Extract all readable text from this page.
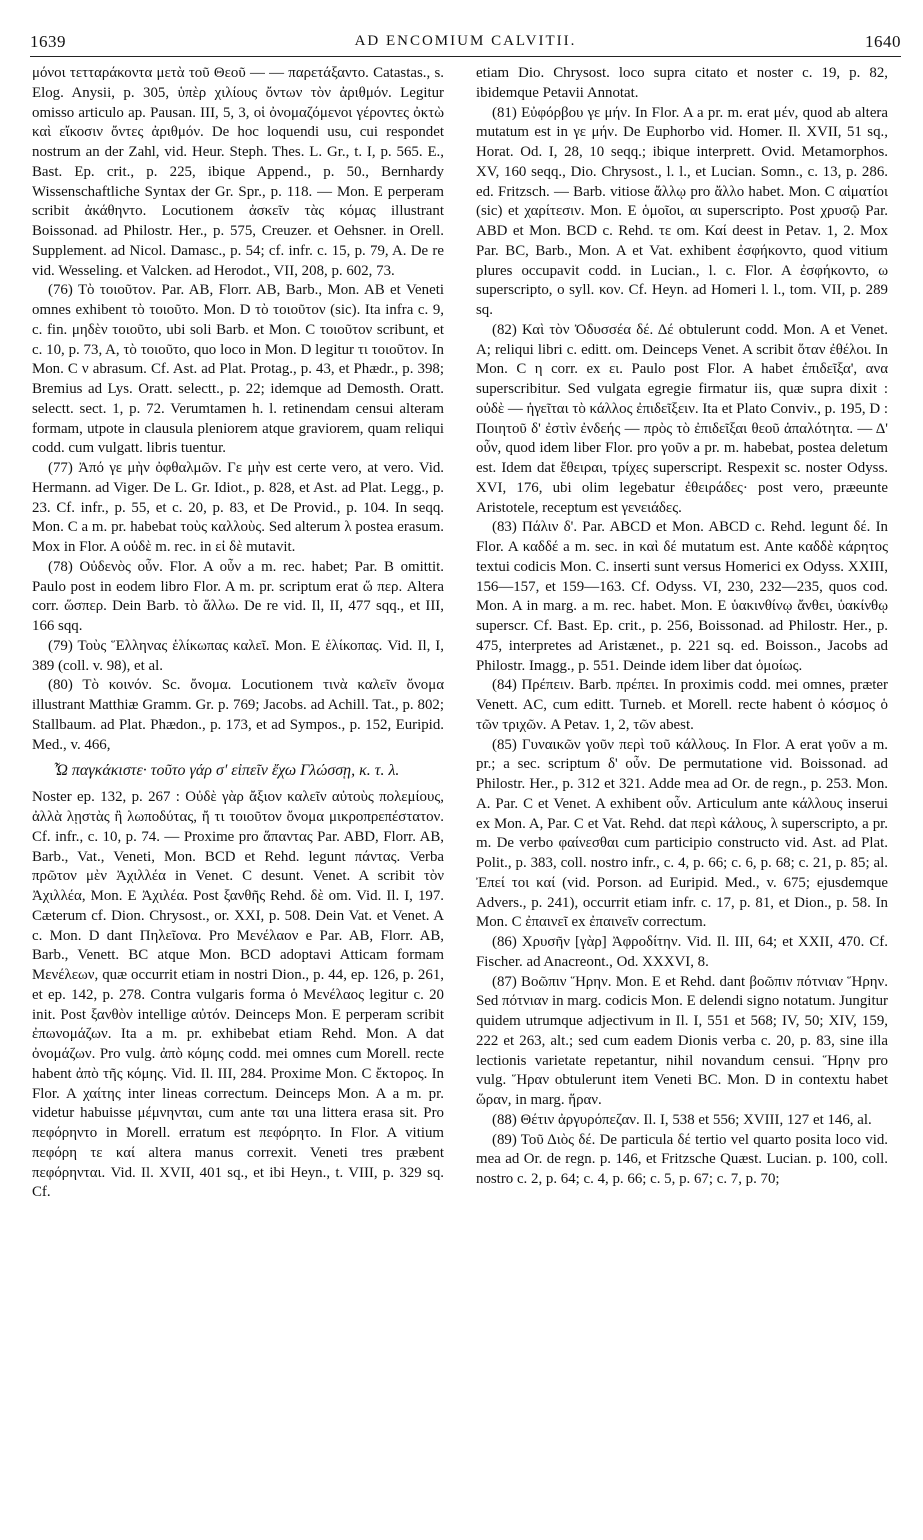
1639	AD ENCOMIUM CALVITII.	1640

μόνοι τετταράκοντα μετὰ τοῦ Θεοῦ — — παρετάξαντο. Catastas., s. Elog. Anysii, p. 305, ὑπὲρ χιλίους ὄντων τὸν ἀριθμόν. Legitur omisso articulo ap. Pausan. III, 5, 3, οἱ ὀνομαζόμενοι γέροντες ὀκτὼ καὶ εἴκοσιν ὄντες ἀριθμόν. De hoc loquendi usu, cui respondet nostrum an der Zahl, vid. Heur. Steph. Thes. L. Gr., t. I, p. 565. E., Bast. Ep. crit., p. 225, ibique Append., p. 50., Bernhardy Wissenschaftliche Syntax der Gr. Spr., p. 118. — Mon. E perperam scribit ἀκάθηντο. Locutionem ἀσκεῖν τὰς κόμας illustrant Boissonad. ad Philostr. Her., p. 575, Creuzer. et Oehsner. in Orell. Supplement. ad Nicol. Damasc., p. 54; cf. infr. c. 15, p. 79, A. De re vid. Wesseling. et Valcken. ad Herodot., VII, 208, p. 602, 73.

(76) Τὸ τοιοῦτον. Par. AB, Florr. AB, Barb., Mon. AB et Veneti omnes exhibent τὸ τοιοῦτο. Mon. D τὸ τοιοῦτον (sic). Ita infra c. 9, c. fin. μηδὲν τοιοῦτο, ubi soli Barb. et Mon. C τοιοῦτον scribunt, et c. 10, p. 73, A, τὸ τοιοῦτο, quo loco in Mon. D legitur τι τοιοῦτον. In Mon. C ν abrasum. Cf. Ast. ad Plat. Protag., p. 43, et Phædr., p. 398; Bremius ad Lys. Oratt. selectt., p. 22; idemque ad Demosth. Oratt. selectt. sect. 1, p. 72. Verumtamen h. l. retinendam censui alteram formam, utpote in clausula pleniorem atque graviorem, quam reliqui codd. cum vulgatt. libris tuentur.

(77) Ἀπό γε μὴν ὀφθαλμῶν. Γε μὴν est certe vero, at vero. Vid. Hermann. ad Viger. De L. Gr. Idiot., p. 828, et Ast. ad Plat. Legg., p. 23. Cf. infr., p. 55, et c. 20, p. 83, et De Provid., p. 104. In seqq. Mon. C a m. pr. habebat τοὺς καλλοὺς. Sed alterum λ postea erasum. Mox in Flor. A οὐδὲ m. rec. in εἰ δὲ mutavit.

(78) Οὐδενὸς οὖν. Flor. A οὖν a m. rec. habet; Par. B omittit. Paulo post in eodem libro Flor. A m. pr. scriptum erat ὥ περ. Altera corr. ὥσπερ. Dein Barb. τὸ ἄλλω. De re vid. Il, II, 477 sqq., et III, 166 sqq.

(79) Τοὺς Ἕλληνας ἑλίκωπας καλεῖ. Mon. E ἑλίκοπας. Vid. Il, I, 389 (coll. v. 98), et al.

(80) Τὸ κοινόν. Sc. ὄνομα. Locutionem τινὰ καλεῖν ὄνομα illustrant Matthiæ Gramm. Gr. p. 769; Jacobs. ad Achill. Tat., p. 802; Stallbaum. ad Plat. Phædon., p. 173, et ad Sympos., p. 152, Euripid. Med., v. 466,

Ὦ παγκάκιστε· τοῦτο γάρ σ' εἰπεῖν ἔχω Γλώσσῃ, κ. τ. λ.

Noster ep. 132, p. 267 : Οὐδὲ γὰρ ἄξιον καλεῖν αὐτοὺς πολεμίους, ἀλλὰ λῃστὰς ἢ λωποδύτας, ἤ τι τοιοῦτον ὄνομα μικροπρεπέστατον. Cf. infr., c. 10, p. 74. — Proxime pro ἅπαντας Par. ABD, Florr. AB, Barb., Vat., Veneti, Mon. BCD et Rehd. legunt πάντας. Verba πρῶτον μὲν Ἀχιλλέα in Venet. C desunt. Venet. A scribit τὸν Ἀχιλλέα, Mon. E Ἀχιλέα. Post ξανθῆς Rehd. δὲ om. Vid. Il. I, 197. Cæterum cf. Dion. Chrysost., or. XXI, p. 508. Dein Vat. et Venet. A c. Mon. D dant Πηλεῖονα. Pro Μενέλαον e Par. AB, Florr. AB, Barb., Venett. BC atque Mon. BCD adoptavi Atticam formam Μενέλεων, quæ occurrit etiam in nostri Dion., p. 44, ep. 126, p. 261, et ep. 142, p. 278. Contra vulgaris forma ὁ Μενέλαος legitur c. 20 init. Post ξανθὸν intellige αὐτόν. Deinceps Mon. E perperam scribit ἐπωνομάζων. Ita a m. pr. exhibebat etiam Rehd. Mon. A dat ὀνομάζων. Pro vulg. ἀπὸ κόμης codd. mei omnes cum Morell. recte habent ἀπὸ τῆς κόμης. Vid. Il. III, 284. Proxime Mon. C ἔκτορος. In Flor. A χαίτης inter lineas correctum. Deinceps Mon. A a m. pr. videtur habuisse μέμνηνται, cum ante ται una littera erasa sit. Pro πεφόρηντο in Morell. erratum est πεφόρητο. In Flor. A vitium πεφόρη τε καί altera manus correxit. Veneti tres præbent πεφόρηνται. Vid. Il. XVII, 401 sq., et ibi Heyn., t. VIII, p. 329 sq. Cf.

etiam Dio. Chrysost. loco supra citato et noster c. 19, p. 82, ibidemque Petavii Annotat.

(81) Εὐφόρβου γε μήν. In Flor. A a pr. m. erat μέν, quod ab altera mutatum est in γε μήν. De Euphorbo vid. Homer. Il. XVII, 51 sq., Horat. Od. I, 28, 10 seqq.; ibique interprett. Ovid. Metamorphos. XV, 160 seqq., Dio. Chrysost., l. l., et Lucian. Somn., c. 13, p. 286. ed. Fritzsch. — Barb. vitiose ἄλλῳ pro ἄλλο habet. Mon. C αἱματίοι (sic) et χαρίτεσιν. Mon. E ὁμοῖοι, αι superscripto. Post χρυσῷ Par. ABD et Mon. BCD c. Rehd. τε om. Καί deest in Petav. 1, 2. Mox Par. BC, Barb., Mon. A et Vat. exhibent ἐσφήκοντο, quod vitium plures occupavit codd. in Lucian., l. c. Flor. A ἐσφήκοντο, ω superscripto, o syll. κον. Cf. Heyn. ad Homeri l. l., tom. VII, p. 289 sq.

(82) Καὶ τὸν Ὀδυσσέα δέ. Δέ obtulerunt codd. Mon. A et Venet. A; reliqui libri c. editt. om. Deinceps Venet. A scribit ὅταν ἐθέλοι. In Mon. C η corr. ex ει. Paulo post Flor. A habet ἐπιδεῖξα', ανα superscribitur. Sed vulgata egregie firmatur iis, quæ supra dixit : οὐδὲ — ἡγεῖται τὸ κάλλος ἐπιδεῖξειν. Ita et Plato Conviv., p. 195, D : Ποιητοῦ δ' ἐστὶν ἐνδεής — πρὸς τὸ ἐπιδεῖξαι θεοῦ ἁπαλότητα. — Δ' οὖν, quod idem liber Flor. pro γοῦν a pr. m. habebat, postea deletum est. Idem dat ἔθειραι, τρίχες superscript. Respexit sc. noster Odyss. XVI, 176, ubi olim legebatur ἐθειράδες· post vero, præeunte Aristotele, receptum est γενειάδες.

(83) Πάλιν δ'. Par. ABCD et Mon. ABCD c. Rehd. legunt δέ. In Flor. A καδδέ a m. sec. in καὶ δέ mutatum est. Ante καδδὲ κάρητος textui codicis Mon. C. inserti sunt versus Homerici ex Odyss. XXIII, 156—157, et 159—163. Cf. Odyss. VI, 230, 232—235, quos cod. Mon. A in marg. a m. rec. habet. Mon. E ὑακινθίνῳ ἄνθει, ὑακίνθῳ superscr. Cf. Bast. Ep. crit., p. 256, Boissonad. ad Philostr. Her., p. 475, interpretes ad Aristænet., p. 221 sq. ed. Boisson., Jacobs ad Philostr. Imagg., p. 551. Deinde idem liber dat ὁμοίως.

(84) Πρέπειν. Barb. πρέπει. In proximis codd. mei omnes, præter Venett. AC, cum editt. Turneb. et Morell. recte habent ὁ κόσμος ὁ τῶν τριχῶν. A Petav. 1, 2, τῶν abest.

(85) Γυναικῶν γοῦν περὶ τοῦ κάλλους. In Flor. A erat γοῦν a m. pr.; a sec. scriptum δ' οὖν. De permutatione vid. Boissonad. ad Philostr. Her., p. 312 et 321. Adde mea ad Or. de regn., p. 253. Mon. A. Par. C et Venet. A exhibent οὖν. Articulum ante κάλλους inserui ex Mon. A, Par. C et Vat. Rehd. dat περὶ κάλους, λ superscripto, a pr. m. De verbo φαίνεσθαι cum participio constructo vid. Ast. ad Plat. Polit., p. 383, coll. nostro infr., c. 4, p. 66; c. 6, p. 68; c. 21, p. 85; al. Ἐπεί τοι καί (vid. Porson. ad Euripid. Med., v. 675; ejusdemque Advers., p. 241), occurrit etiam infr. c. 17, p. 81, et Dion., p. 58. In Mon. C ἐπαινεῖ ex ἐπαινεῖν correctum.

(86) Χρυσῆν [γὰρ] Ἀφροδίτην. Vid. Il. III, 64; et XXII, 470. Cf. Fischer. ad Anacreont., Od. XXXVI, 8.

(87) Βοῶπιν Ἥρην. Mon. E et Rehd. dant βοῶπιν πότνιαν Ἥρην. Sed πότνιαν in marg. codicis Mon. E delendi signo notatum. Jungitur quidem utrumque adjectivum in Il. I, 551 et 568; IV, 50; XIV, 159, 222 et 263, alt.; sed cum eadem Dionis verba c. 20, p. 83, sine illa lectionis varietate repetantur, nihil novandum censui. Ἥρην pro vulg. Ἥραν obtulerunt item Veneti BC. Mon. D in contextu habet ὥραν, in marg. ἥραν.

(88) Θέτιν ἀργυρόπεζαν. Il. I, 538 et 556; XVIII, 127 et 146, al.

(89) Τοῦ Διὸς δέ. De particula δέ tertio vel quarto posita loco vid. mea ad Or. de regn. p. 146, et Fritzsche Quæst. Lucian. p. 100, coll. nostro c. 2, p. 64; c. 4, p. 66; c. 5, p. 67; c. 7, p. 70;
